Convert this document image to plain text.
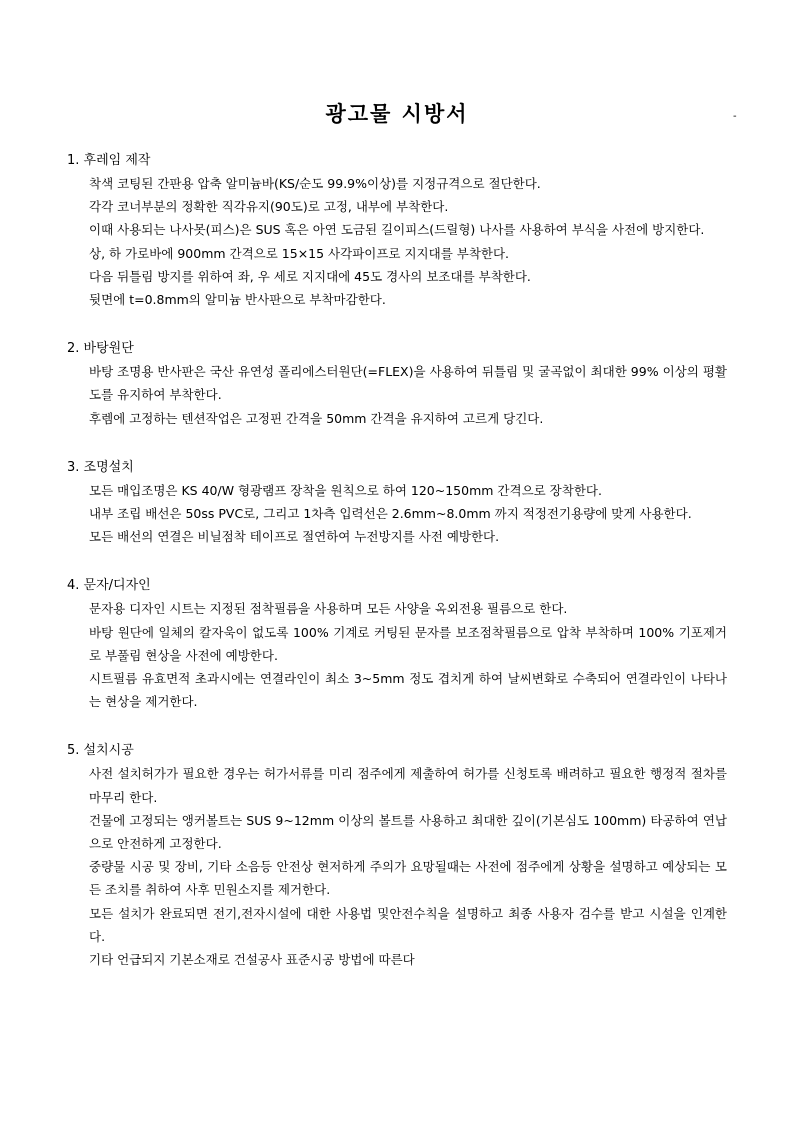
광고물 시방서	-
1. 후레임 제작

착색 코팅된 간판용 압축 알미늄바(KS/순도 99.9%이상)를 지정규격으로 절단한다.

각각 코너부분의 정확한 직각유지(90도)로 고정, 내부에 부착한다.

이때 사용되는 나사못(피스)은 SUS 혹은 아연 도금된 길이피스(드릴형) 나사를 사용하여 부식을 사전에 방지한다.

상, 하 가로바에 900mm 간격으로 15×15 사각파이프로 지지대를 부착한다.

다음 뒤틀림 방지를 위하여 좌, 우 세로 지지대에 45도 경사의 보조대를 부착한다.

뒷면에 t=0.8mm의 알미늄 반사판으로 부착마감한다.

2. 바탕원단

바탕 조명용 반사판은 국산 유연성 폴리에스터원단(=FLEX)을 사용하여 뒤틀림 및 굴곡없이 최대한 99% 이상의 평활도를 유지하여 부착한다.

후렘에 고정하는 텐션작업은 고정핀 간격을 50mm 간격을 유지하여 고르게 당긴다.

3. 조명설치

모든 매입조명은 KS 40/W 형광램프 장착을 원칙으로 하여 120~150mm 간격으로 장착한다.

내부 조립 배선은 50ss PVC로, 그리고 1차측 입력선은 2.6mm~8.0mm 까지 적정전기용량에 맞게 사용한다.

모든 배선의 연결은 비닐점착 테이프로 절연하여 누전방지를 사전 예방한다.

4. 문자/디자인

문자용 디자인 시트는 지정된 점착필름을 사용하며 모든 사양을 옥외전용 필름으로 한다.

바탕 원단에 일체의 칼자욱이 없도록 100% 기계로 커팅된 문자를 보조점착필름으로 압착 부착하며 100% 기포제거로 부풀림 현상을 사전에 예방한다.

시트필름 유효면적 초과시에는 연결라인이 최소 3~5mm 정도 겹치게 하여 날씨변화로 수축되어 연결라인이 나타나는 현상을 제거한다.

5. 설치시공

사전 설치허가가 필요한 경우는 허가서류를 미리 점주에게 제출하여 허가를 신청토록 배려하고 필요한 행정적 절차를 마무리 한다.

건물에 고정되는 앵커볼트는 SUS 9~12mm 이상의 볼트를 사용하고 최대한 깊이(기본심도 100mm) 타공하여 연납으로 안전하게 고정한다.

중량물 시공 및 장비, 기타 소음등 안전상 현저하게 주의가 요망될때는 사전에 점주에게 상황을 설명하고 예상되는 모든 조치를 취하여 사후 민원소지를 제거한다.

모든 설치가 완료되면 전기,전자시설에 대한 사용법 및안전수칙을 설명하고 최종 사용자 검수를 받고 시설을 인계한다.

기타 언급되지 기본소재로 건설공사 표준시공 방법에 따른다
